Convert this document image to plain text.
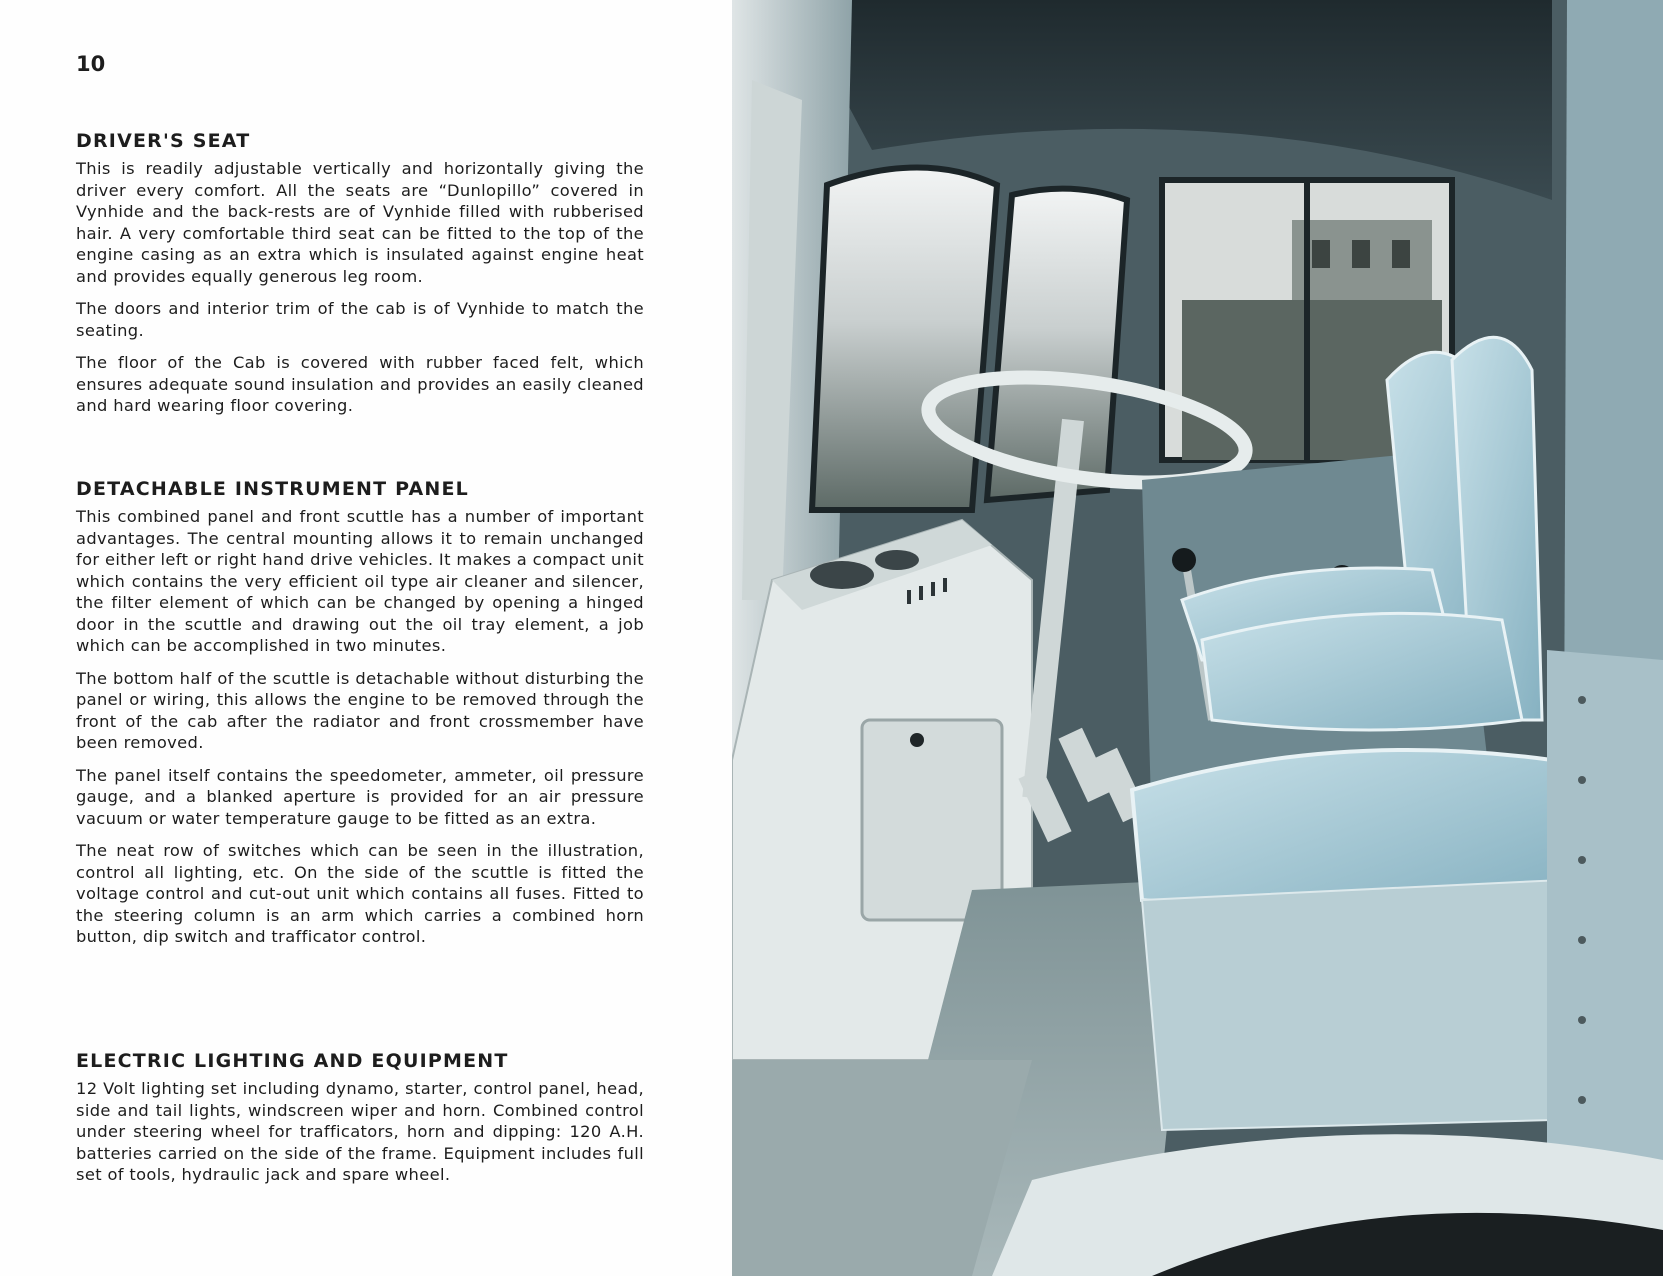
10
DRIVER'S SEAT

This is readily adjustable vertically and horizontally giving the driver every comfort. All the seats are “Dunlopillo” covered in Vynhide and the back-rests are of Vynhide filled with rubberised hair. A very comfortable third seat can be fitted to the top of the engine casing as an extra which is insulated against engine heat and provides equally generous leg room.

The doors and interior trim of the cab is of Vynhide to match the seating.

The floor of the Cab is covered with rubber faced felt, which ensures adequate sound insulation and provides an easily cleaned and hard wearing floor covering.

DETACHABLE INSTRUMENT PANEL

This combined panel and front scuttle has a number of important advantages. The central mounting allows it to remain unchanged for either left or right hand drive vehicles. It makes a compact unit which contains the very efficient oil type air cleaner and silencer, the filter element of which can be changed by opening a hinged door in the scuttle and drawing out the oil tray element, a job which can be accomplished in two minutes.

The bottom half of the scuttle is detachable without disturbing the panel or wiring, this allows the engine to be removed through the front of the cab after the radiator and front crossmember have been removed.

The panel itself contains the speedometer, ammeter, oil pressure gauge, and a blanked aperture is provided for an air pressure vacuum or water temperature gauge to be fitted as an extra.

The neat row of switches which can be seen in the illustration, control all lighting, etc. On the side of the scuttle is fitted the voltage control and cut-out unit which contains all fuses. Fitted to the steering column is an arm which carries a combined horn button, dip switch and trafficator control.

ELECTRIC LIGHTING AND EQUIPMENT

12 Volt lighting set including dynamo, starter, control panel, head, side and tail lights, windscreen wiper and horn. Combined control under steering wheel for trafficators, horn and dipping: 120 A.H. batteries carried on the side of the frame. Equipment includes full set of tools, hydraulic jack and spare wheel.
